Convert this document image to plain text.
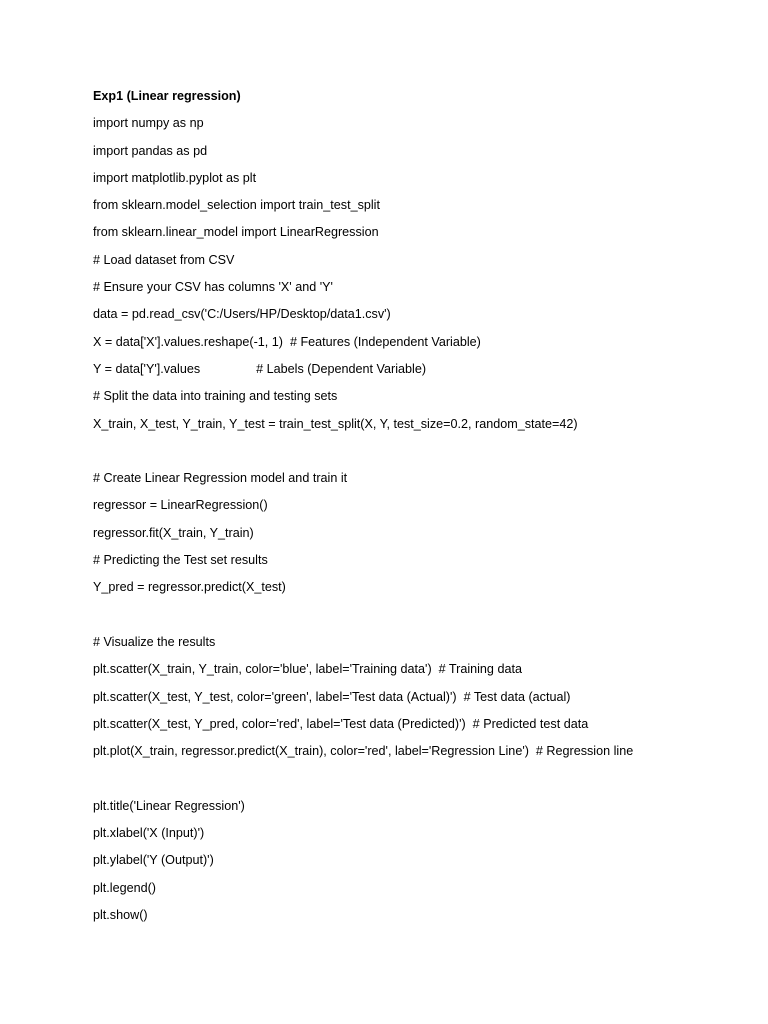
Exp1 (Linear regression)
import numpy as np
import pandas as pd
import matplotlib.pyplot as plt
from sklearn.model_selection import train_test_split
from sklearn.linear_model import LinearRegression
# Load dataset from CSV
# Ensure your CSV has columns 'X' and 'Y'
data = pd.read_csv('C:/Users/HP/Desktop/data1.csv')
X = data['X'].values.reshape(-1, 1)  # Features (Independent Variable)
Y = data['Y'].values                # Labels (Dependent Variable)
# Split the data into training and testing sets
X_train, X_test, Y_train, Y_test = train_test_split(X, Y, test_size=0.2, random_state=42)
# Create Linear Regression model and train it
regressor = LinearRegression()
regressor.fit(X_train, Y_train)
# Predicting the Test set results
Y_pred = regressor.predict(X_test)
# Visualize the results
plt.scatter(X_train, Y_train, color='blue', label='Training data')  # Training data
plt.scatter(X_test, Y_test, color='green', label='Test data (Actual)')  # Test data (actual)
plt.scatter(X_test, Y_pred, color='red', label='Test data (Predicted)')  # Predicted test data
plt.plot(X_train, regressor.predict(X_train), color='red', label='Regression Line')  # Regression line
plt.title('Linear Regression')
plt.xlabel('X (Input)')
plt.ylabel('Y (Output)')
plt.legend()
plt.show()
